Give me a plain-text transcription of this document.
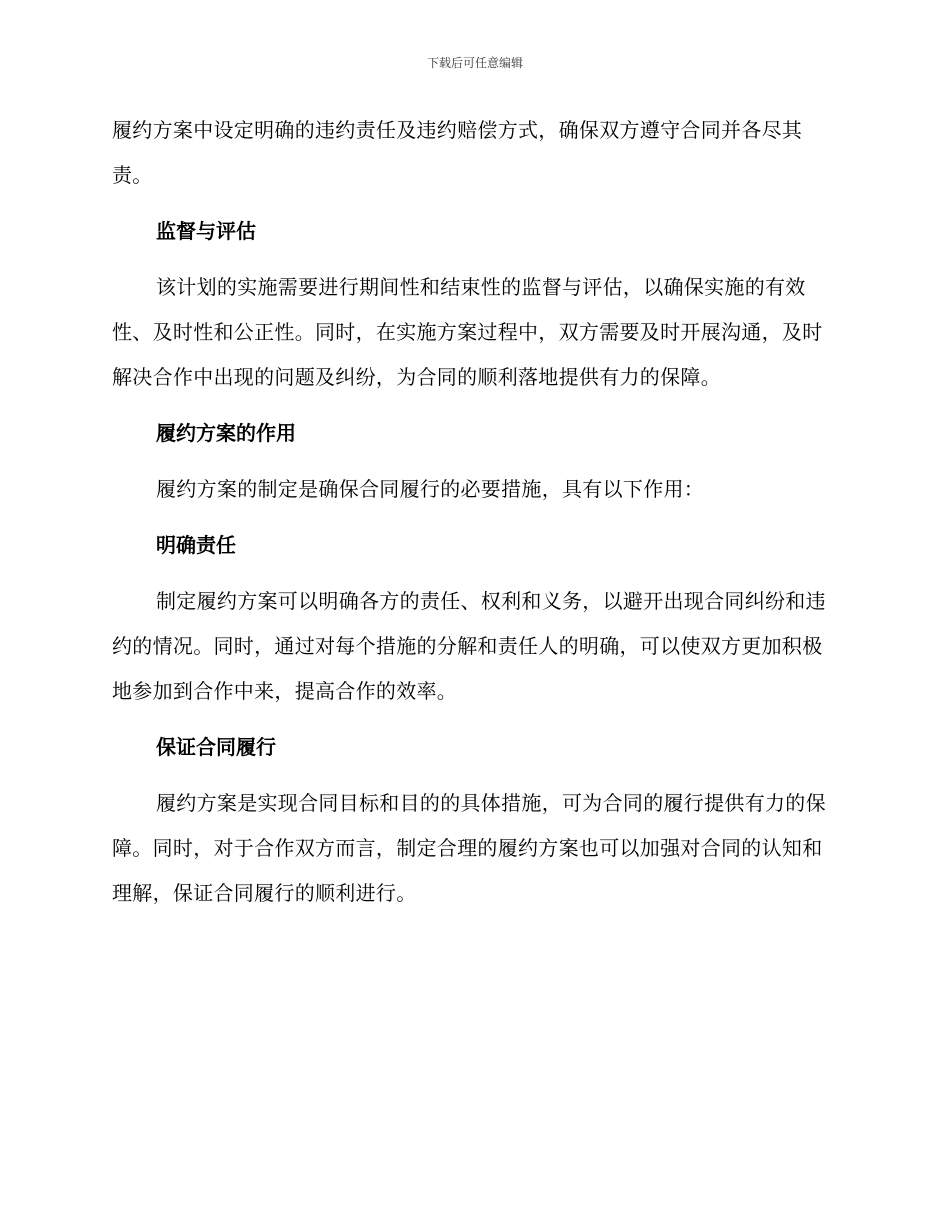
下载后可任意编辑

履约方案中设定明确的违约责任及违约赔偿方式，确保双方遵守合同并各尽其责。

监督与评估

该计划的实施需要进行期间性和结束性的监督与评估，以确保实施的有效性、及时性和公正性。同时，在实施方案过程中，双方需要及时开展沟通，及时解决合作中出现的问题及纠纷，为合同的顺利落地提供有力的保障。

履约方案的作用

履约方案的制定是确保合同履行的必要措施，具有以下作用：

明确责任

制定履约方案可以明确各方的责任、权利和义务，以避开出现合同纠纷和违约的情况。同时，通过对每个措施的分解和责任人的明确，可以使双方更加积极地参加到合作中来，提高合作的效率。

保证合同履行

履约方案是实现合同目标和目的的具体措施，可为合同的履行提供有力的保障。同时，对于合作双方而言，制定合理的履约方案也可以加强对合同的认知和理解，保证合同履行的顺利进行。
